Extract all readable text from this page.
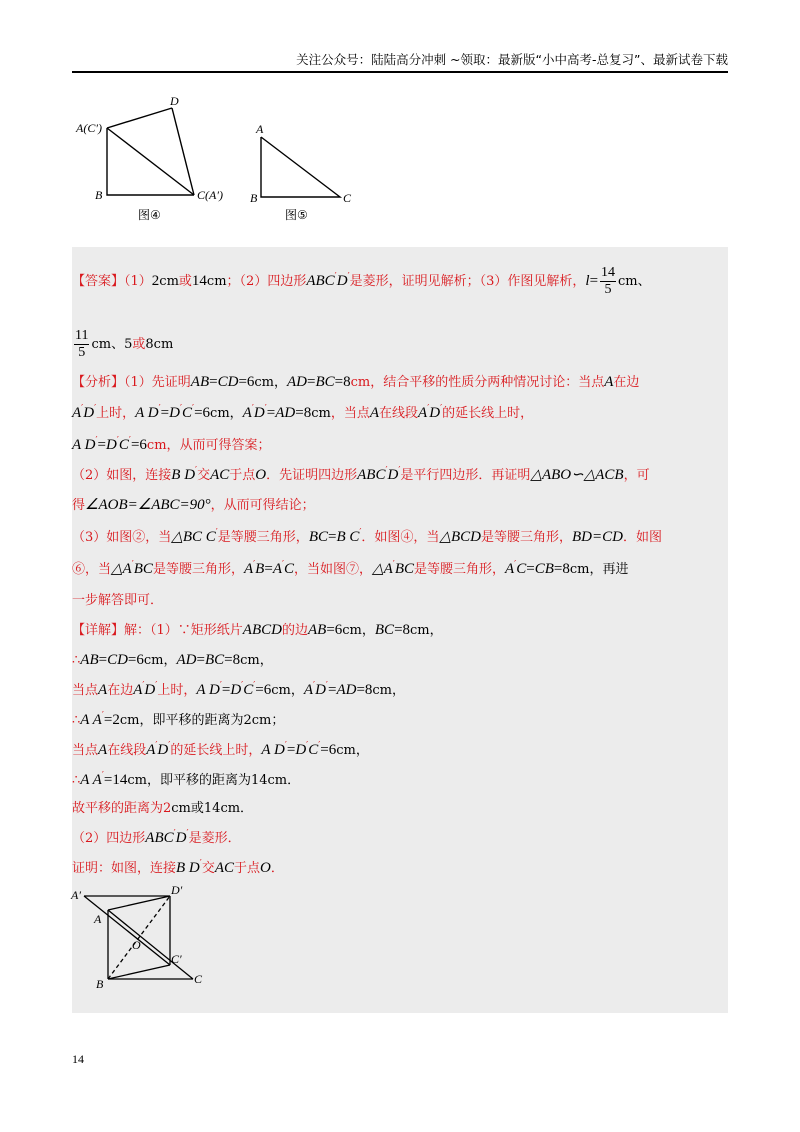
关注公众号：陆陆高分冲刺 ~领取：最新版“小中高考-总复习”、最新试卷下载
A(C′)
D
B	C(A′)
图④
A
B	C
图⑤
【答案】（1）2cm或14cm；（2）四边形ABC′D′是菱形，证明见解析；（3）作图见解析，$l= \frac{14}{5}$ cm、
$\frac{11}{5}$ cm、5或8cm
【分析】（1）先证明AB=CD=6cm，AD=BC=8cm，结合平移的性质分两种情况讨论：当点A在边
A′D′上时，A D′=D′C′=6cm，A′D′=AD=8cm，当点A在线段A′D′的延长线上时，
A D′=D′C′=6cm，从而可得答案；
（2）如图，连接B D′交AC于点O．先证明四边形ABC′D′是平行四边形．再证明△ABO∽△ACB，可
得∠AOB=∠ABC=90°，从而可得结论；
（3）如图②，当△BC C′是等腰三角形，BC=B C′．如图④，当△BCD是等腰三角形，BD=CD．如图
⑥，当△A′BC是等腰三角形，A′B=A′C，当如图⑦，△A′BC是等腰三角形，A′C=CB=8cm，再进
一步解答即可．
【详解】解：（1）∵矩形纸片ABCD的边AB=6cm，BC=8cm，
∴AB=CD=6cm，AD=BC=8cm，
当点A在边A′D′上时，A D′=D′C′=6cm，A′D′=AD=8cm，
∴A A′=2cm，即平移的距离为2cm；
当点A在线段A′D′的延长线上时，A D′=D′C′=6cm，
∴A A′=14cm，即平移的距离为14cm．
故平移的距离为2cm或14cm．
（2）四边形ABC′D′是菱形．
证明：如图，连接B D′交AC于点O．
A′	D′
A
O
C′
B	C
14
